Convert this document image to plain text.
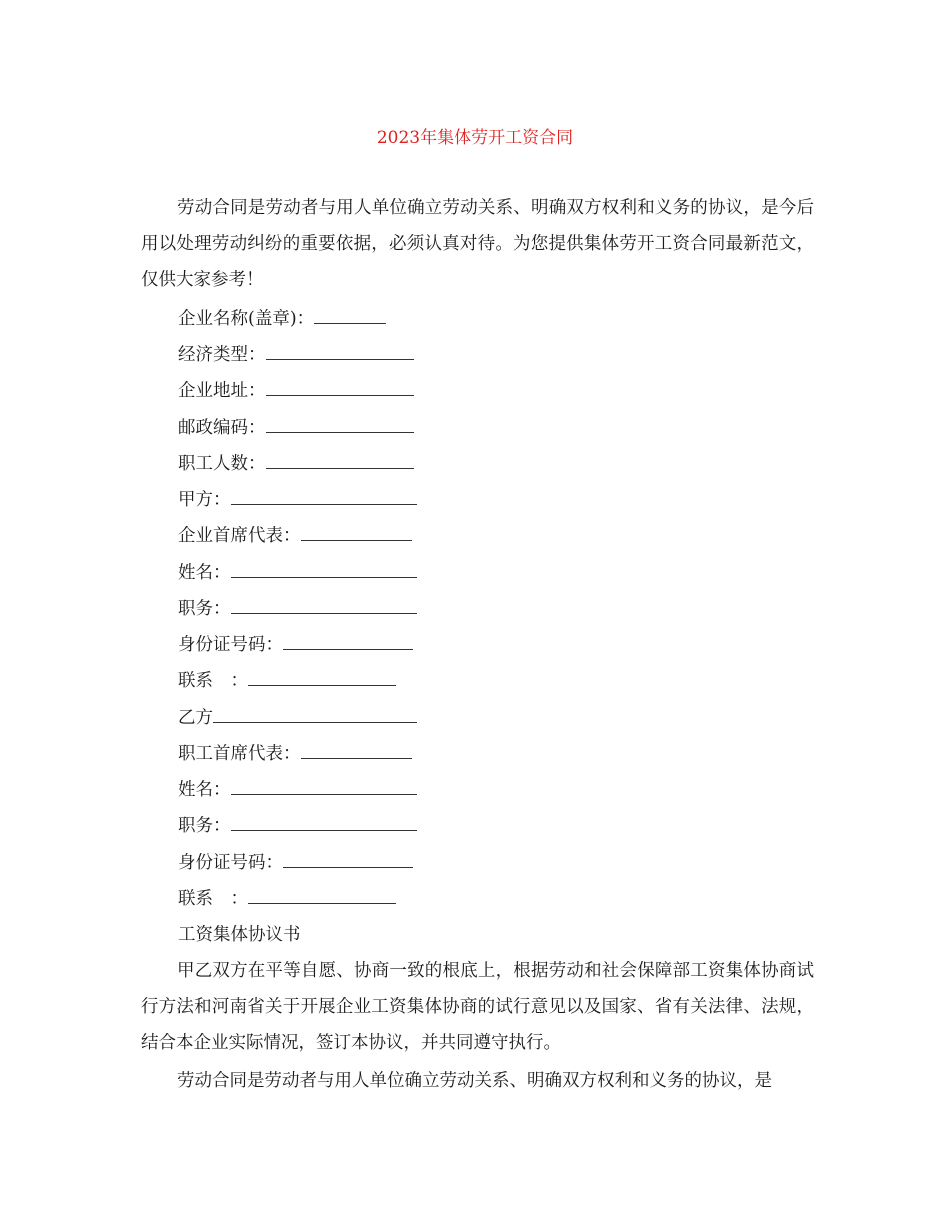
2023年集体劳开工资合同

劳动合同是劳动者与用人单位确立劳动关系、明确双方权利和义务的协议，是今后用以处理劳动纠纷的重要依据，必须认真对待。为您提供集体劳开工资合同最新范文，仅供大家参考！

企业名称(盖章)：
经济类型：
企业地址：
邮政编码：
职工人数：
甲方：
企业首席代表：
姓名：
职务：
身份证号码：
联系　：
乙方
职工首席代表：
姓名：
职务：
身份证号码：
联系　：
工资集体协议书

甲乙双方在平等自愿、协商一致的根底上，根据劳动和社会保障部工资集体协商试行方法和河南省关于开展企业工资集体协商的试行意见以及国家、省有关法律、法规，结合本企业实际情况，签订本协议，并共同遵守执行。

劳动合同是劳动者与用人单位确立劳动关系、明确双方权利和义务的协议，是
